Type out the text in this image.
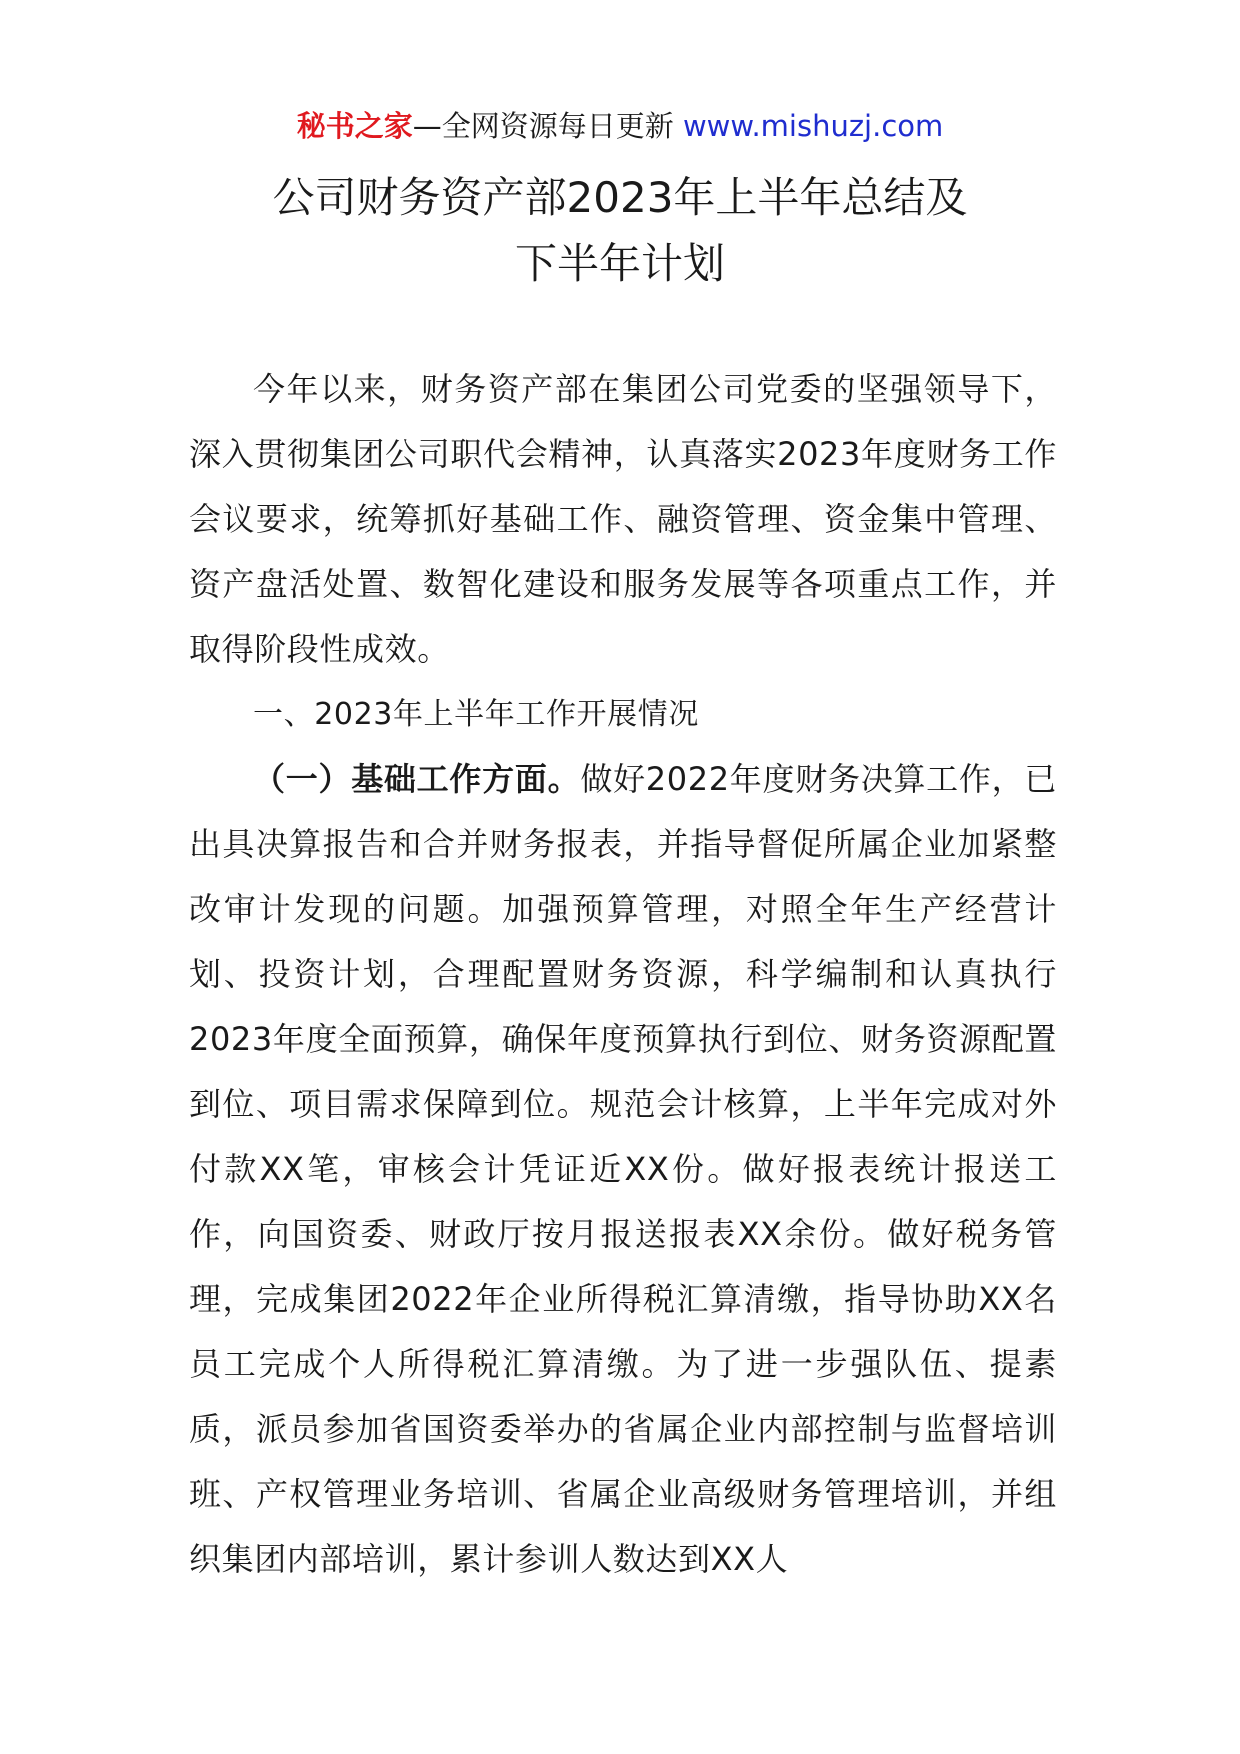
秘书之家—全网资源每日更新 www.mishuzj.com
公司财务资产部2023年上半年总结及
下半年计划

今年以来，财务资产部在集团公司党委的坚强领导下，深入贯彻集团公司职代会精神，认真落实2023年度财务工作会议要求，统筹抓好基础工作、融资管理、资金集中管理、资产盘活处置、数智化建设和服务发展等各项重点工作，并取得阶段性成效。

一、2023年上半年工作开展情况

（一）基础工作方面。做好2022年度财务决算工作，已出具决算报告和合并财务报表，并指导督促所属企业加紧整改审计发现的问题。加强预算管理，对照全年生产经营计划、投资计划，合理配置财务资源，科学编制和认真执行2023年度全面预算，确保年度预算执行到位、财务资源配置到位、项目需求保障到位。规范会计核算，上半年完成对外付款XX笔，审核会计凭证近XX份。做好报表统计报送工作，向国资委、财政厅按月报送报表XX余份。做好税务管理，完成集团2022年企业所得税汇算清缴，指导协助XX名员工完成个人所得税汇算清缴。为了进一步强队伍、提素质，派员参加省国资委举办的省属企业内部控制与监督培训班、产权管理业务培训、省属企业高级财务管理培训，并组织集团内部培训，累计参训人数达到XX人
